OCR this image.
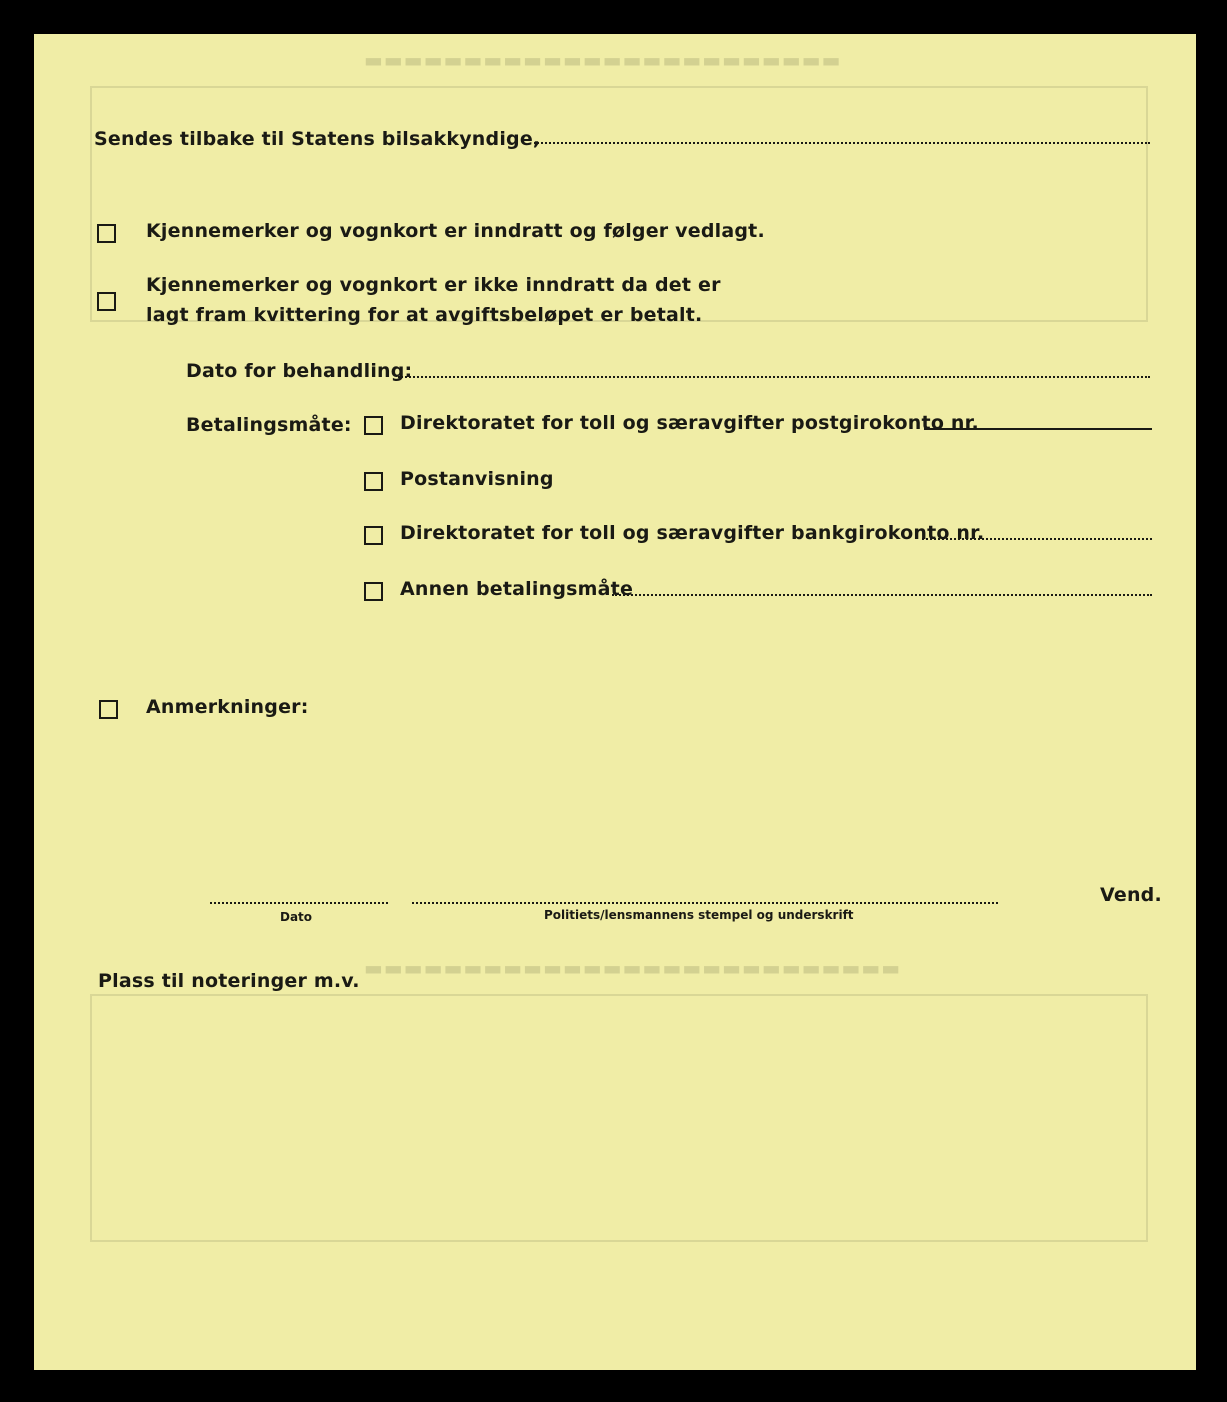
▬▬▬▬▬▬▬▬▬▬▬▬▬▬▬▬▬▬▬▬▬▬▬▬
▬▬▬▬▬▬▬▬▬▬▬▬▬▬▬▬▬▬▬▬▬▬▬▬▬▬▬
Sendes tilbake til Statens bilsakkyndige,
Kjennemerker og vognkort er inndratt og følger vedlagt.
Kjennemerker og vognkort er ikke inndratt da det er
lagt fram kvittering for at avgiftsbeløpet er betalt.
Dato for behandling:
Betalingsmåte:	Direktoratet for toll og særavgifter postgirokonto nr.
Postanvisning
Direktoratet for toll og særavgifter bankgirokonto nr.
Annen betalingsmåte
Anmerkninger:
Vend.
Dato	Politiets/lensmannens stempel og underskrift
Plass til noteringer m.v.
